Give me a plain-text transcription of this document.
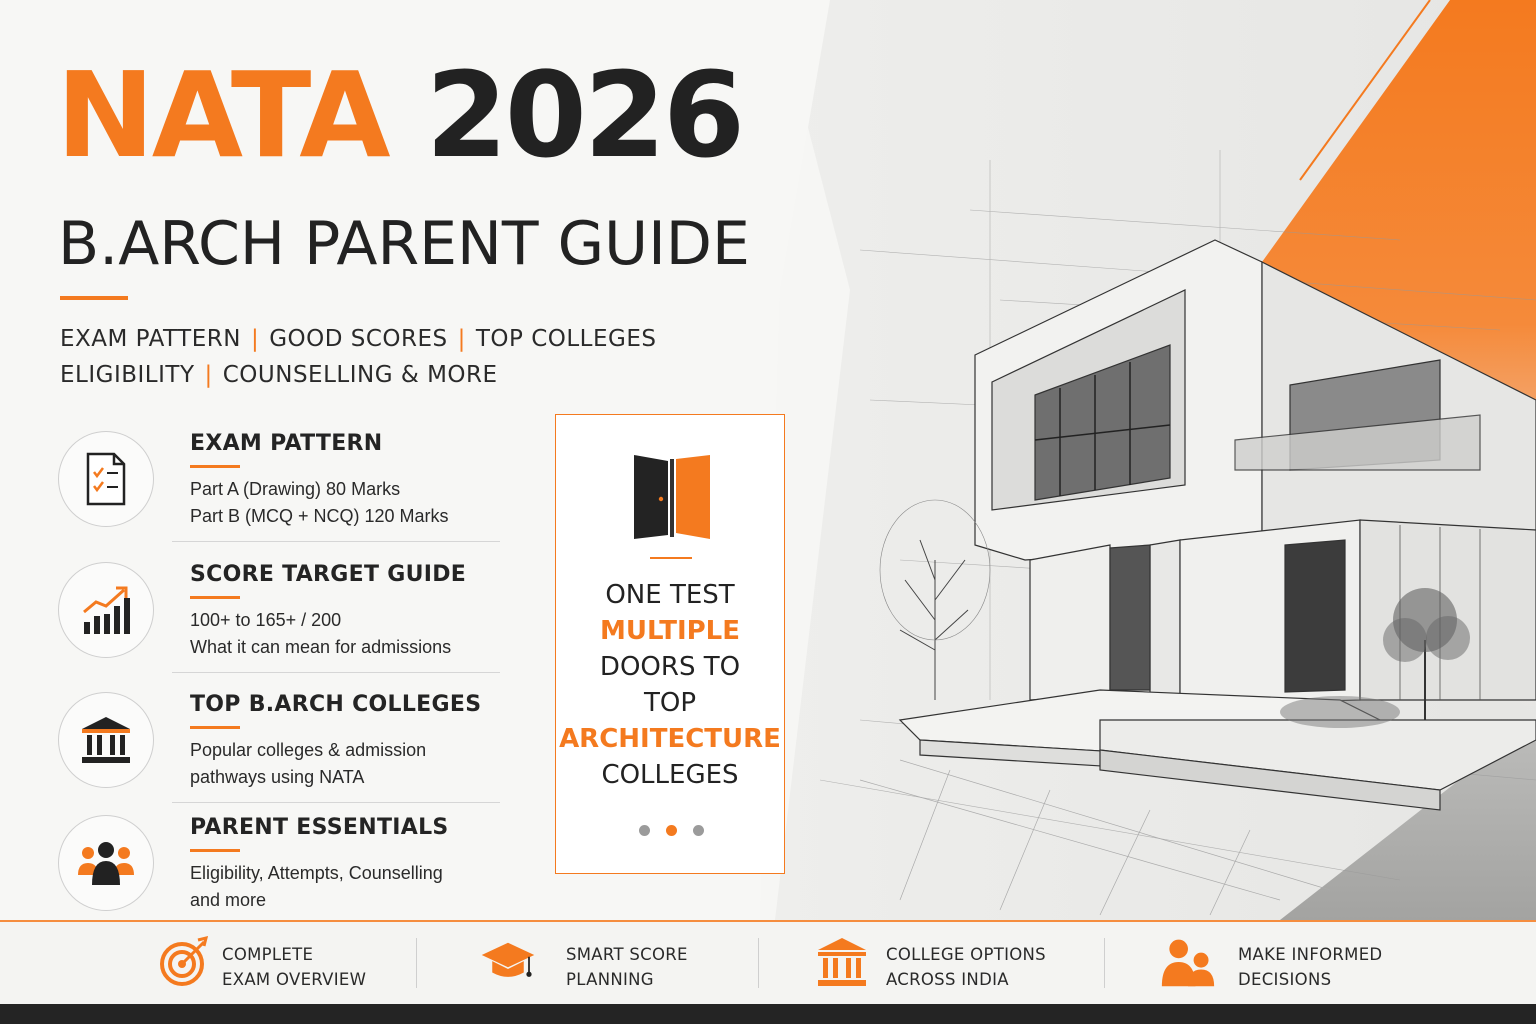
NATA 2026
B.ARCH PARENT GUIDE
EXAM PATTERN | GOOD SCORES | TOP COLLEGES
ELIGIBILITY | COUNSELLING & MORE
EXAM PATTERN
Part A (Drawing) 80 Marks
Part B (MCQ + NCQ) 120 Marks
SCORE TARGET GUIDE
100+ to 165+ / 200
What it can mean for admissions
TOP B.ARCH COLLEGES
Popular colleges & admission
pathways using NATA
PARENT ESSENTIALS
Eligibility, Attempts, Counselling
and more
ONE TEST
MULTIPLE
DOORS TO
TOP
ARCHITECTURE
COLLEGES
COMPLETE
EXAM OVERVIEW
SMART SCORE
PLANNING
COLLEGE OPTIONS
ACROSS INDIA
MAKE INFORMED
DECISIONS
